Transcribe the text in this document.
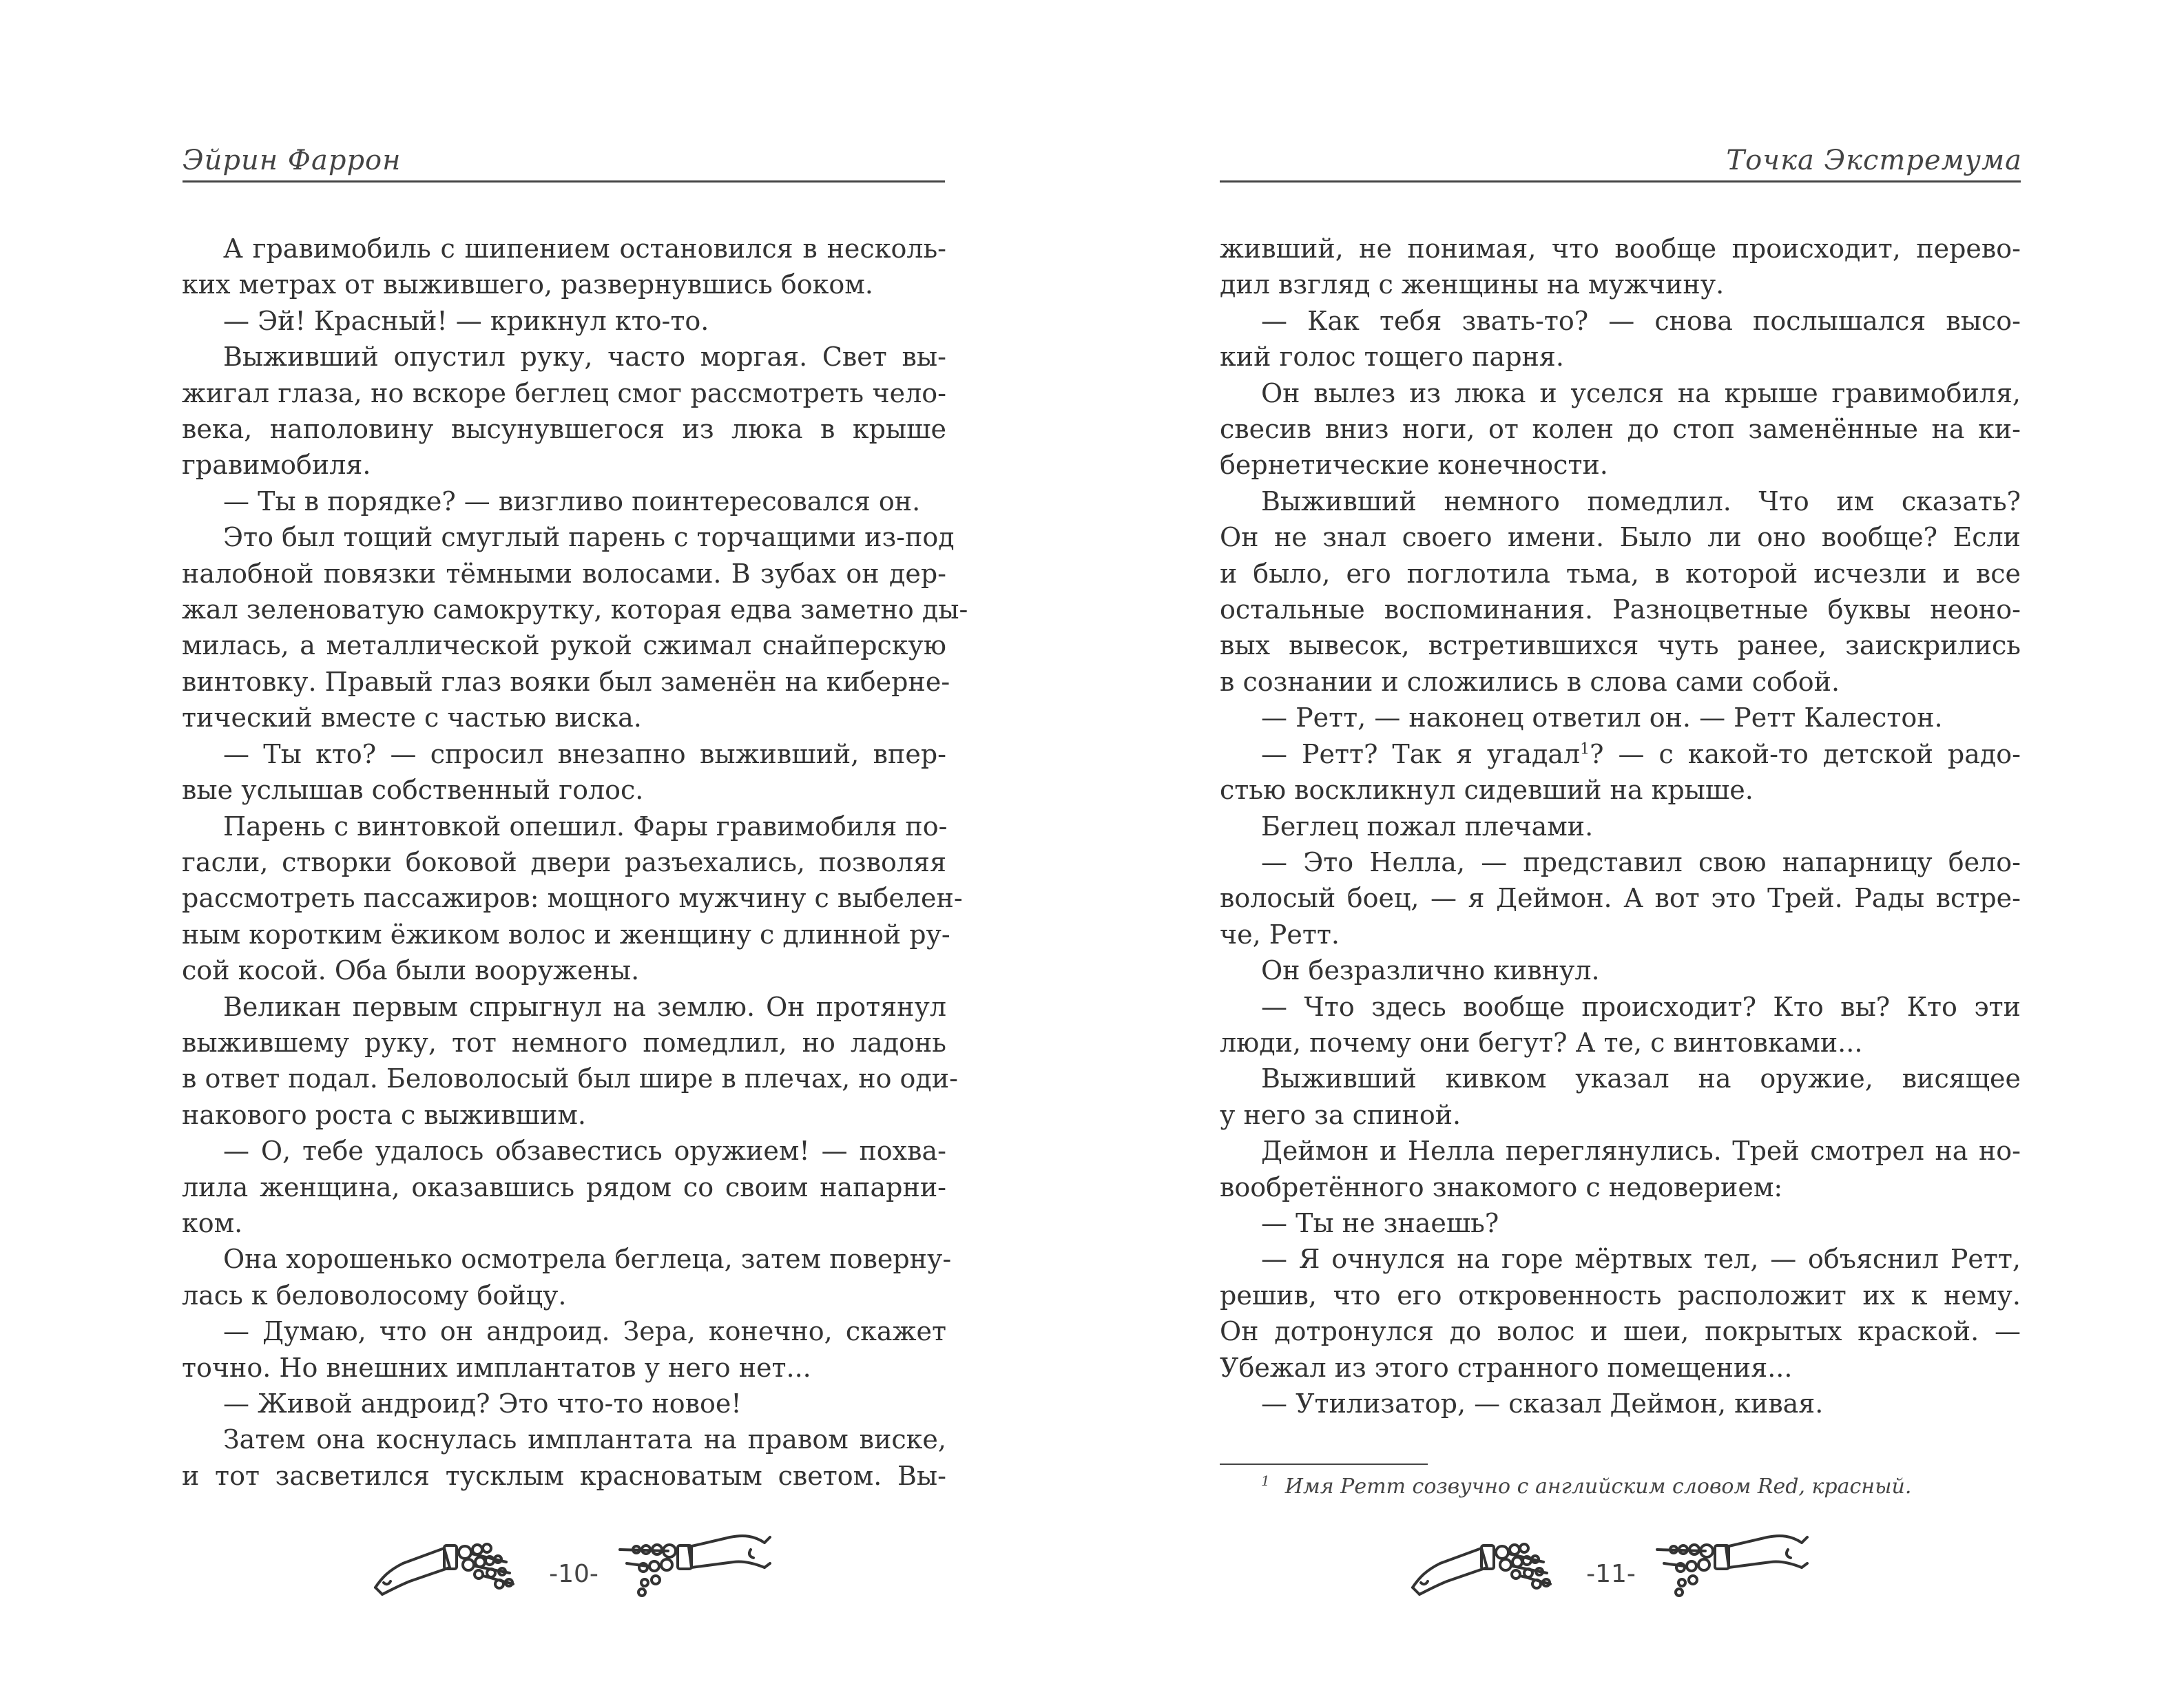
Эйрин Фаррон
А гравимобиль с шипением остановился в несколь-
ких метрах от выжившего, развернувшись боком.
— Эй! Красный! — крикнул кто-то.
Выживший опустил руку, часто моргая. Свет вы-
жигал глаза, но вскоре беглец смог рассмотреть чело-
века, наполовину высунувшегося из люка в крыше
гравимобиля.
— Ты в порядке? — визгливо поинтересовался он.
Это был тощий смуглый парень с торчащими из-под
налобной повязки тёмными волосами. В зубах он дер-
жал зеленоватую самокрутку, которая едва заметно ды-
милась, а металлической рукой сжимал снайперскую
винтовку. Правый глаз вояки был заменён на киберне-
тический вместе с частью виска.
— Ты кто? — спросил внезапно выживший, впер-
вые услышав собственный голос.
Парень с винтовкой опешил. Фары гравимобиля по-
гасли, створки боковой двери разъехались, позволяя
рассмотреть пассажиров: мощного мужчину с выбелен-
ным коротким ёжиком волос и женщину с длинной ру-
сой косой. Оба были вооружены.
Великан первым спрыгнул на землю. Он протянул
выжившему руку, тот немного помедлил, но ладонь
в ответ подал. Беловолосый был шире в плечах, но оди-
накового роста с выжившим.
— О, тебе удалось обзавестись оружием! — похва-
лила женщина, оказавшись рядом со своим напарни-
ком.
Она хорошенько осмотрела беглеца, затем поверну-
лась к беловолосому бойцу.
— Думаю, что он андроид. Зера, конечно, скажет
точно. Но внешних имплантатов у него нет...
— Живой андроид? Это что-то новое!
Затем она коснулась имплантата на правом виске,
и тот засветился тусклым красноватым светом. Вы-
-10-
Точка Экстремума
живший, не понимая, что вообще происходит, перево-
дил взгляд с женщины на мужчину.
— Как тебя звать-то? — снова послышался высо-
кий голос тощего парня.
Он вылез из люка и уселся на крыше гравимобиля,
свесив вниз ноги, от колен до стоп заменённые на ки-
бернетические конечности.
Выживший немного помедлил. Что им сказать?
Он не знал своего имени. Было ли оно вообще? Если
и было, его поглотила тьма, в которой исчезли и все
остальные воспоминания. Разноцветные буквы неоно-
вых вывесок, встретившихся чуть ранее, заискрились
в сознании и сложились в слова сами собой.
— Ретт, — наконец ответил он. — Ретт Калестон.
— Ретт? Так я угадал$^1$? — с какой-то детской радо-
стью воскликнул сидевший на крыше.
Беглец пожал плечами.
— Это Нелла, — представил свою напарницу бело-
волосый боец, — я Деймон. А вот это Трей. Рады встре-
че, Ретт.
Он безразлично кивнул.
— Что здесь вообще происходит? Кто вы? Кто эти
люди, почему они бегут? А те, с винтовками...
Выживший кивком указал на оружие, висящее
у него за спиной.
Деймон и Нелла переглянулись. Трей смотрел на но-
вообретённого знакомого с недоверием:
— Ты не знаешь?
— Я очнулся на горе мёртвых тел, — объяснил Ретт,
решив, что его откровенность расположит их к нему.
Он дотронулся до волос и шеи, покрытых краской. —
Убежал из этого странного помещения...
— Утилизатор, — сказал Деймон, кивая.
$^1$ Имя Ретт созвучно с английским словом Red, красный.
-11-
